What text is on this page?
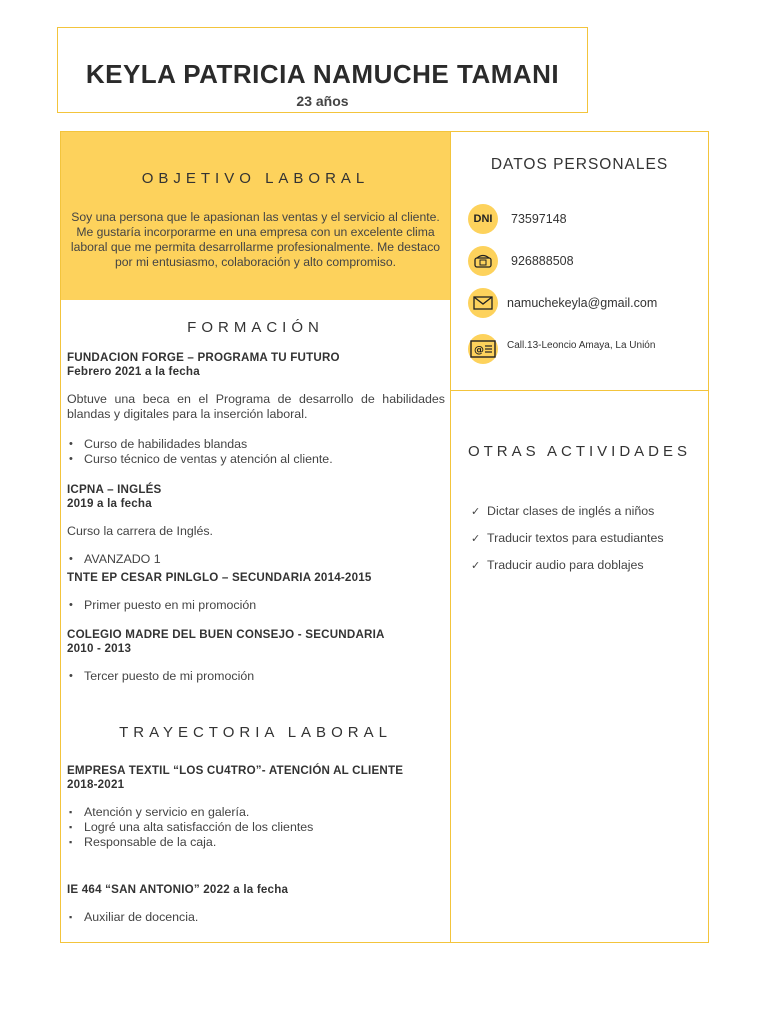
KEYLA PATRICIA NAMUCHE TAMANI
23 años
OBJETIVO LABORAL
Soy una persona que le apasionan las ventas y el servicio al cliente. Me gustaría incorporarme en una empresa con un excelente clima laboral que me permita desarrollarme profesionalmente. Me destaco por mi entusiasmo, colaboración y alto compromiso.
FORMACIÓN
FUNDACION FORGE – PROGRAMA TU FUTURO
Febrero 2021 a la fecha
Obtuve una beca en el Programa de desarrollo de habilidades blandas y digitales para la inserción laboral.
• Curso de habilidades blandas
• Curso técnico de ventas y atención al cliente.
ICPNA – INGLÉS
2019 a la fecha
Curso la carrera de Inglés.
• AVANZADO 1
TNTE EP CESAR PINLGLO – SECUNDARIA 2014-2015
• Primer puesto en mi promoción
COLEGIO MADRE DEL BUEN CONSEJO - SECUNDARIA
2010 - 2013
• Tercer puesto de mi promoción
TRAYECTORIA LABORAL
EMPRESA TEXTIL “LOS CU4TRO”- ATENCIÓN AL CLIENTE
2018-2021
▪ Atención y servicio en galería.
▪ Logré una alta satisfacción de los clientes
▪ Responsable de la caja.
IE 464 “SAN ANTONIO” 2022 a la fecha
▪ Auxiliar de docencia.
DATOS PERSONALES
DNI	73597148
926888508
namuchekeyla@gmail.com
@ Call.13-Leoncio Amaya, La Unión
OTRAS ACTIVIDADES
✓ Dictar clases de inglés a niños
✓ Traducir textos para estudiantes
✓ Traducir audio para doblajes
